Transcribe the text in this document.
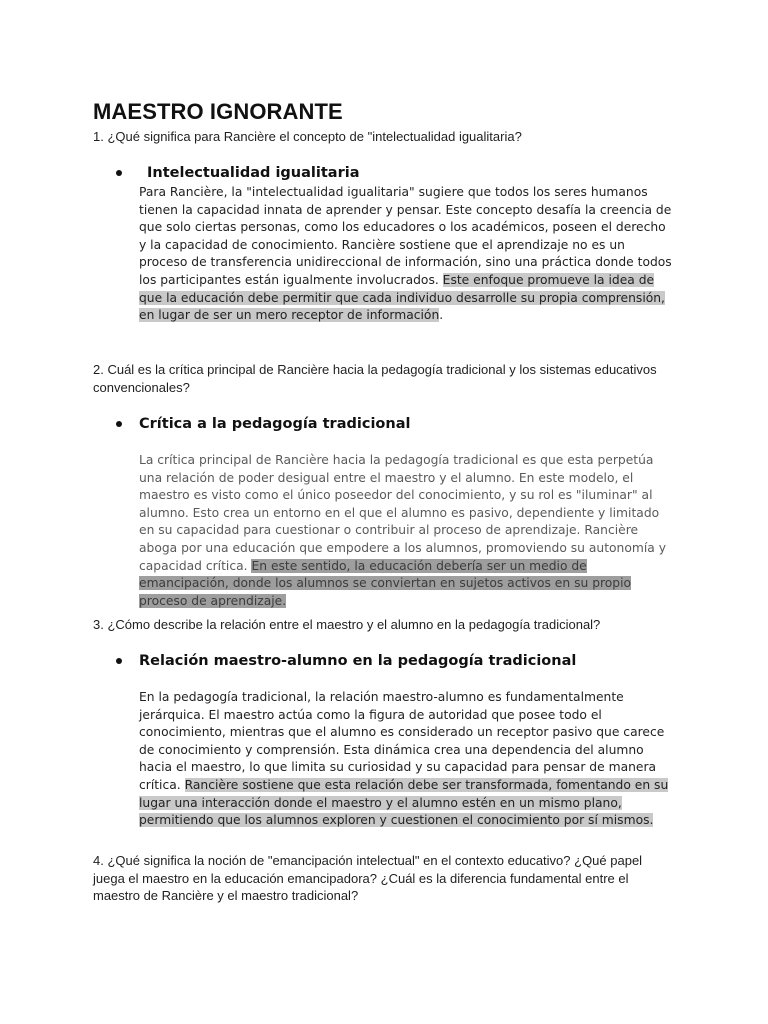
MAESTRO IGNORANTE

1. ¿Qué significa para Rancière el concepto de "intelectualidad igualitaria?

Intelectualidad igualitaria

Para Rancière, la "intelectualidad igualitaria" sugiere que todos los seres humanos tienen la capacidad innata de aprender y pensar. Este concepto desafía la creencia de que solo ciertas personas, como los educadores o los académicos, poseen el derecho y la capacidad de conocimiento. Rancière sostiene que el aprendizaje no es un proceso de transferencia unidireccional de información, sino una práctica donde todos los participantes están igualmente involucrados. Este enfoque promueve la idea de que la educación debe permitir que cada individuo desarrolle su propia comprensión, en lugar de ser un mero receptor de información.

2. Cuál es la crítica principal de Rancière hacia la pedagogía tradicional y los sistemas educativos convencionales?

Crítica a la pedagogía tradicional

La crítica principal de Rancière hacia la pedagogía tradicional es que esta perpetúa una relación de poder desigual entre el maestro y el alumno. En este modelo, el maestro es visto como el único poseedor del conocimiento, y su rol es "iluminar" al alumno. Esto crea un entorno en el que el alumno es pasivo, dependiente y limitado en su capacidad para cuestionar o contribuir al proceso de aprendizaje. Rancière aboga por una educación que empodere a los alumnos, promoviendo su autonomía y capacidad crítica. En este sentido, la educación debería ser un medio de emancipación, donde los alumnos se conviertan en sujetos activos en su propio proceso de aprendizaje.

3. ¿Cómo describe la relación entre el maestro y el alumno en la pedagogía tradicional?

Relación maestro-alumno en la pedagogía tradicional

En la pedagogía tradicional, la relación maestro-alumno es fundamentalmente jerárquica. El maestro actúa como la figura de autoridad que posee todo el conocimiento, mientras que el alumno es considerado un receptor pasivo que carece de conocimiento y comprensión. Esta dinámica crea una dependencia del alumno hacia el maestro, lo que limita su curiosidad y su capacidad para pensar de manera crítica. Rancière sostiene que esta relación debe ser transformada, fomentando en su lugar una interacción donde el maestro y el alumno estén en un mismo plano, permitiendo que los alumnos exploren y cuestionen el conocimiento por sí mismos.

4. ¿Qué significa la noción de "emancipación intelectual" en el contexto educativo? ¿Qué papel juega el maestro en la educación emancipadora? ¿Cuál es la diferencia fundamental entre el maestro de Rancière y el maestro tradicional?
